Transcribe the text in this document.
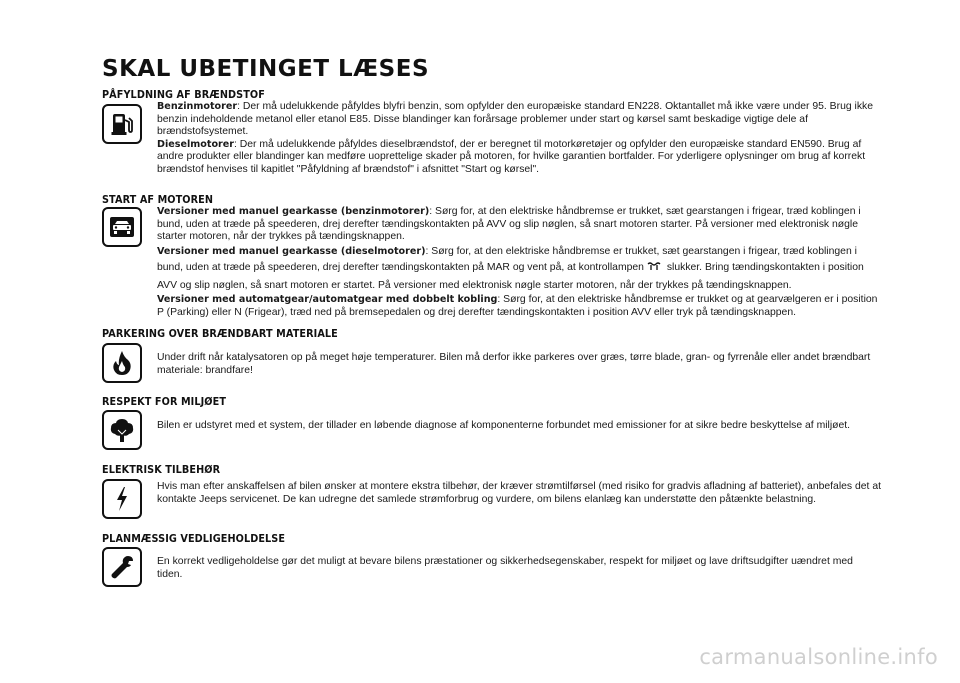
SKAL UBETINGET LÆSES
PÅFYLDNING AF BRÆNDSTOF

Benzinmotorer: Der må udelukkende påfyldes blyfri benzin, som opfylder den europæiske standard EN228. Oktantallet må ikke være under 95. Brug ikke benzin indeholdende metanol eller etanol E85. Disse blandinger kan forårsage problemer under start og kørsel samt beskadige vigtige dele af brændstofsystemet.

Dieselmotorer: Der må udelukkende påfyldes dieselbrændstof, der er beregnet til motorkøretøjer og opfylder den europæiske standard EN590. Brug af andre produkter eller blandinger kan medføre uoprettelige skader på motoren, for hvilke garantien bortfalder. For yderligere oplysninger om brug af korrekt brændstof henvises til kapitlet "Påfyldning af brændstof" i afsnittet "Start og kørsel".

START AF MOTOREN

Versioner med manuel gearkasse (benzinmotorer): Sørg for, at den elektriske håndbremse er trukket, sæt gearstangen i frigear, træd koblingen i bund, uden at træde på speederen, drej derefter tændingskontakten på AVV og slip nøglen, så snart motoren starter. På versioner med elektronisk nøgle starter motoren, når der trykkes på tændingsknappen.

Versioner med manuel gearkasse (dieselmotorer): Sørg for, at den elektriske håndbremse er trukket, sæt gearstangen i frigear, træd koblingen i bund, uden at træde på speederen, drej derefter tændingskontakten på MAR og vent på, at kontrollampen slukker. Bring tændingskontakten i position AVV og slip nøglen, så snart motoren er startet. På versioner med elektronisk nøgle starter motoren, når der trykkes på tændingsknappen.

Versioner med automatgear/automatgear med dobbelt kobling: Sørg for, at den elektriske håndbremse er trukket og at gearvælgeren er i position P (Parking) eller N (Frigear), træd ned på bremsepedalen og drej derefter tændingskontakten i position AVV eller tryk på tændingsknappen.

PARKERING OVER BRÆNDBART MATERIALE

Under drift når katalysatoren op på meget høje temperaturer. Bilen må derfor ikke parkeres over græs, tørre blade, gran- og fyrrenåle eller andet brændbart materiale: brandfare!

RESPEKT FOR MILJØET

Bilen er udstyret med et system, der tillader en løbende diagnose af komponenterne forbundet med emissioner for at sikre bedre beskyttelse af miljøet.

ELEKTRISK TILBEHØR

Hvis man efter anskaffelsen af bilen ønsker at montere ekstra tilbehør, der kræver strømtilførsel (med risiko for gradvis afladning af batteriet), anbefales det at kontakte Jeeps servicenet. De kan udregne det samlede strømforbrug og vurdere, om bilens elanlæg kan understøtte den påtænkte belastning.

PLANMÆSSIG VEDLIGEHOLDELSE

En korrekt vedligeholdelse gør det muligt at bevare bilens præstationer og sikkerhedsegenskaber, respekt for miljøet og lave driftsudgifter uændret med tiden.

carmanualsonline.info
